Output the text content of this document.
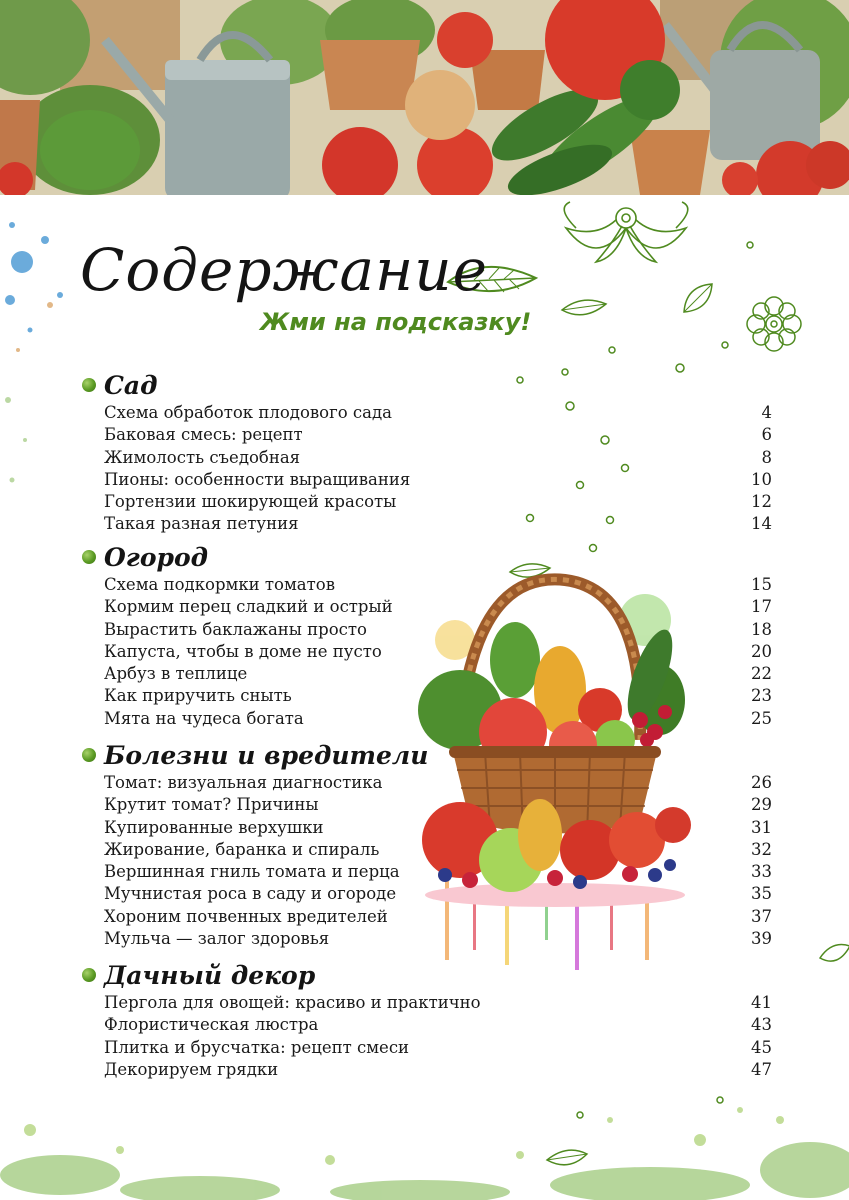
Содержание
Жми на подсказку!
Сад
Схема обработок плодового сада	4
Баковая смесь: рецепт	6
Жимолость съедобная	8
Пионы: особенности выращивания	10
Гортензии шокирующей красоты	12
Такая разная петуния	14
Огород
Схема подкормки томатов	15
Кормим перец сладкий и острый	17
Вырастить баклажаны просто	18
Капуста, чтобы в доме не пусто	20
Арбуз в теплице	22
Как приручить сныть	23
Мята на чудеса богата	25
Болезни и вредители
Томат: визуальная диагностика	26
Крутит томат? Причины	29
Купированные верхушки	31
Жирование, баранка и спираль	32
Вершинная гниль томата и перца	33
Мучнистая роса в саду и огороде	35
Хороним почвенных вредителей	37
Мульча — залог здоровья	39
Дачный декор
Пергола для овощей: красиво и практично	41
Флористическая люстра	43
Плитка и брусчатка: рецепт смеси	45
Декорируем грядки	47
